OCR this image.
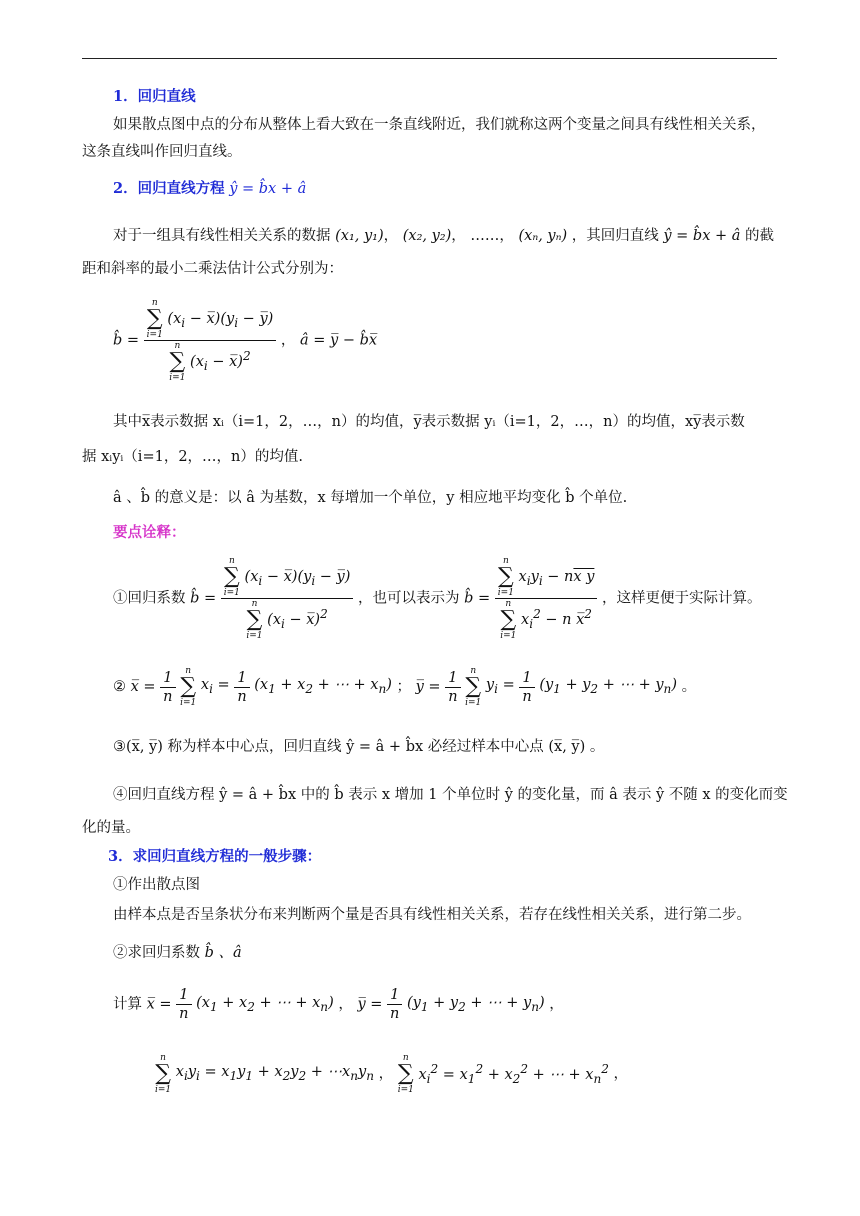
1．回归直线
如果散点图中点的分布从整体上看大致在一条直线附近，我们就称这两个变量之间具有线性相关关系，
这条直线叫作回归直线。
2．回归直线方程 ŷ = b̂x + â
对于一组具有线性相关关系的数据 (x₁, y₁)， (x₂, y₂)， ……， (xₙ, yₙ) ，其回归直线 ŷ = b̂x + â 的截
距和斜率的最小二乘法估计公式分别为：
b̂ = n
∑
i=1
($x_i$ − $x̅)(y_i$ − y̅)
n
∑
i=1
($x_i$ − x̅)$^2$ ， â = y̅ − b̂x̅
其中x̅表示数据 xᵢ（i=1，2，…，n）的均值，y̅表示数据 yᵢ（i=1，2，…，n）的均值，xy̅表示数
据 xᵢyᵢ（i=1，2，…，n）的均值.
â 、b̂ 的意义是：以 â 为基数，x 每增加一个单位，y 相应地平均变化 b̂ 个单位.
要点诠释：
①回归系数 b̂ = n
∑
i=1
($x_i$ − $x̅)(y_i$ − y̅)
n
∑
i=1
($x_i$ − x̅)$^2$ ，也可以表示为 b̂ = n
∑
i=1
$x_iy_i$ − nx y
n
∑
i=1
$x_i^2 - n$ x̅$^2$ ，这样更便于实际计算。
② x̅ = $\frac{1}{n}$
	n
∑
i=1
$x_i = \frac{1}{n} (x_1 + x_2$ + ⋯ + $x_n$) ； y̅ = $\frac{1}{n}$
	n
∑
i=1
$y_i = \frac{1}{n} (y_1 + y_2$ + ⋯ + $y_n$) 。
③(x̅, y̅) 称为样本中心点，回归直线 ŷ = â + b̂x 必经过样本中心点 (x̅, y̅) 。
④回归直线方程 ŷ = â + b̂x 中的 b̂ 表示 x 增加 1 个单位时 ŷ 的变化量，而 â 表示 ŷ 不随 x 的变化而变
化的量。
3．求回归直线方程的一般步骤：
①作出散点图
由样本点是否呈条状分布来判断两个量是否具有线性相关关系，若存在线性相关关系，进行第二步。
②求回归系数 b̂ 、â
计算 x̅ = $\frac{1}{n} (x_1 + x_2$ + ⋯ + $x_n$) ， y̅ = $\frac{1}{n} (y_1 + y_2$ + ⋯ + $y_n$) ，
n
∑
i=1
$x_iy_i = x_1y_1 + x_2y_2$ + $\cdots x_ny_n$ ，
n
∑
i=1
$x_i^2 = x_1^2 + x_2^2$ + ⋯ + $x_n^2$ ，
